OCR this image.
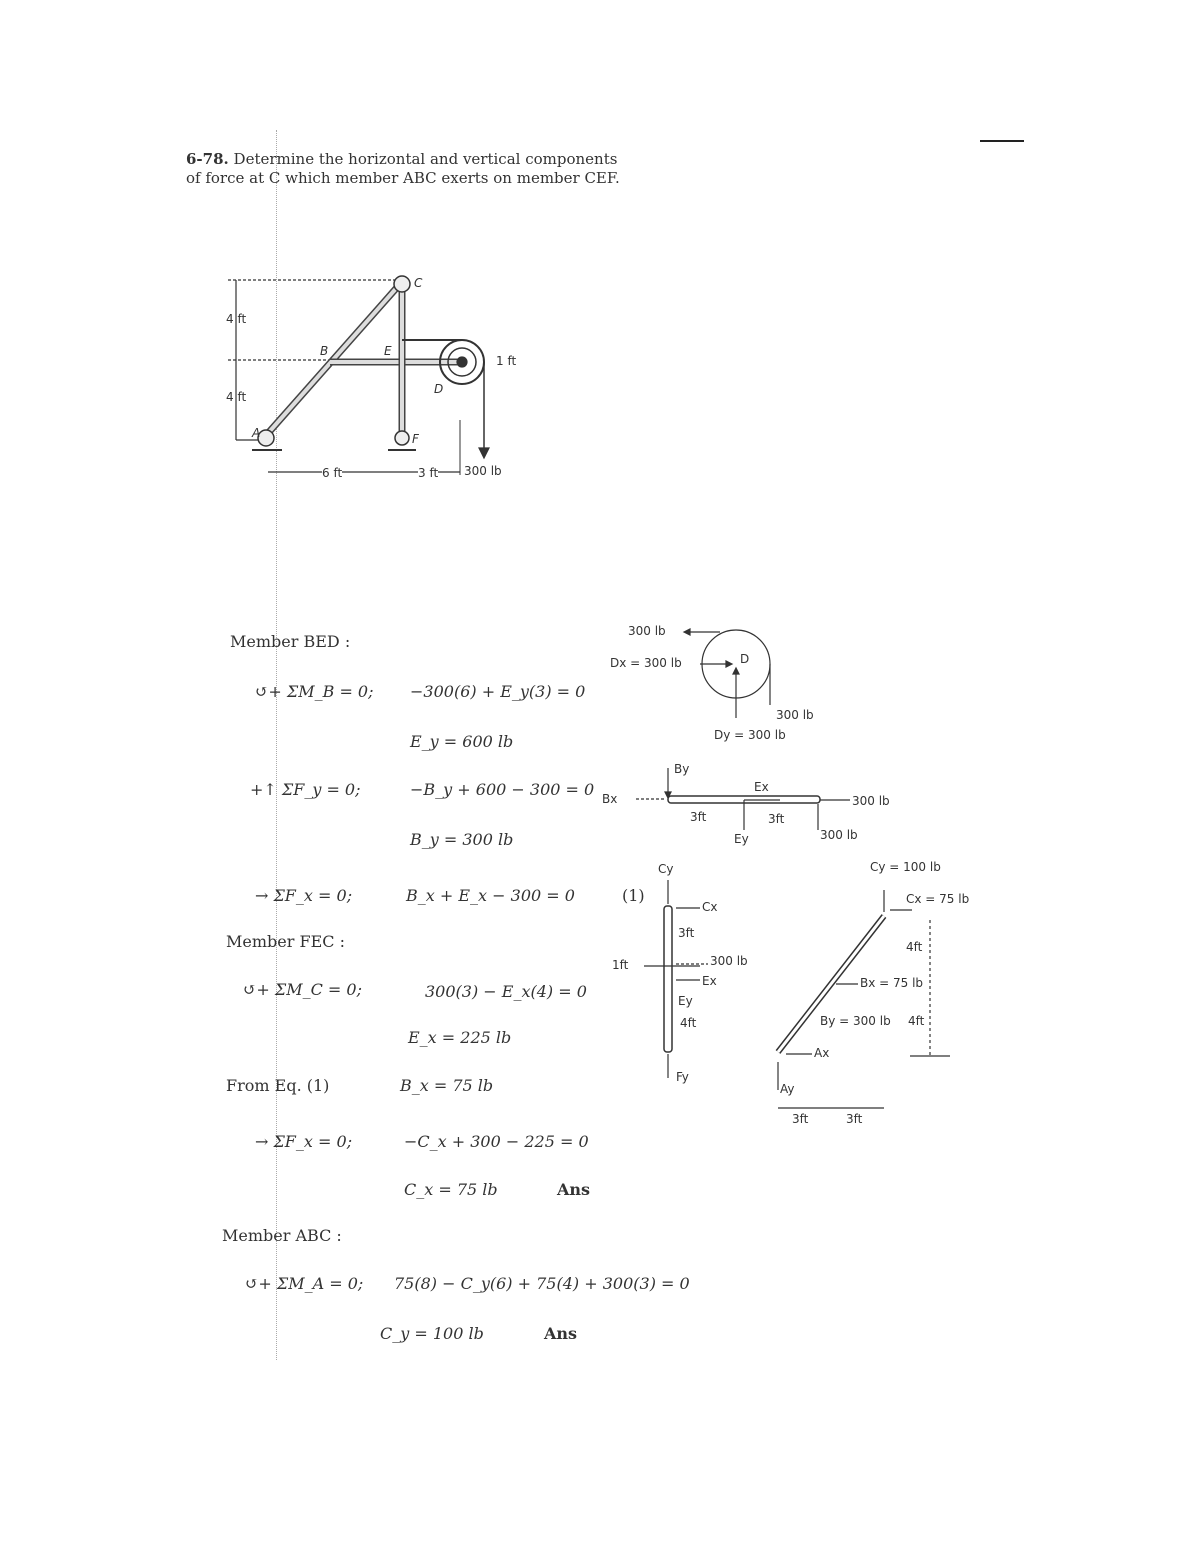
6-78. Determine the horizontal and vertical components
of force at C which member ABC exerts on member CEF.
4 ft
4 ft
6 ft	3 ft
1 ft
300 lb
A
B
C
D
E
F
Member BED :
↺+ ΣM_B = 0; −300(6) + E_y(3) = 0
E_y = 600 lb
+↑ ΣF_y = 0;	−B_y + 600 − 300 = 0
B_y = 300 lb
→ ΣF_x = 0;	B_x + E_x − 300 = 0	(1)
Member FEC :
↺+ ΣM_C = 0;	300(3) − E_x(4) = 0
E_x = 225 lb
From Eq. (1)	B_x = 75 lb
→ ΣF_x = 0;	−C_x + 300 − 225 = 0
C_x = 75 lb	Ans
Member ABC :
↺+ ΣM_A = 0; 75(8) − C_y(6) + 75(4) + 300(3) = 0
C_y = 100 lb	Ans
300 lb
Dx = 300 lb	D
300 lb
Dy = 300 lb
By
Bx
Ex
3ft	3ft
Ey
300 lb
300 lb
Cy
Cx
3ft
1ft	300 lb
Ex
Ey
4ft
Fy
Cy = 100 lb
Cx = 75 lb
4ft
Bx = 75 lb
By = 300 lb 4ft
Ax
Ay
3ft	3ft
